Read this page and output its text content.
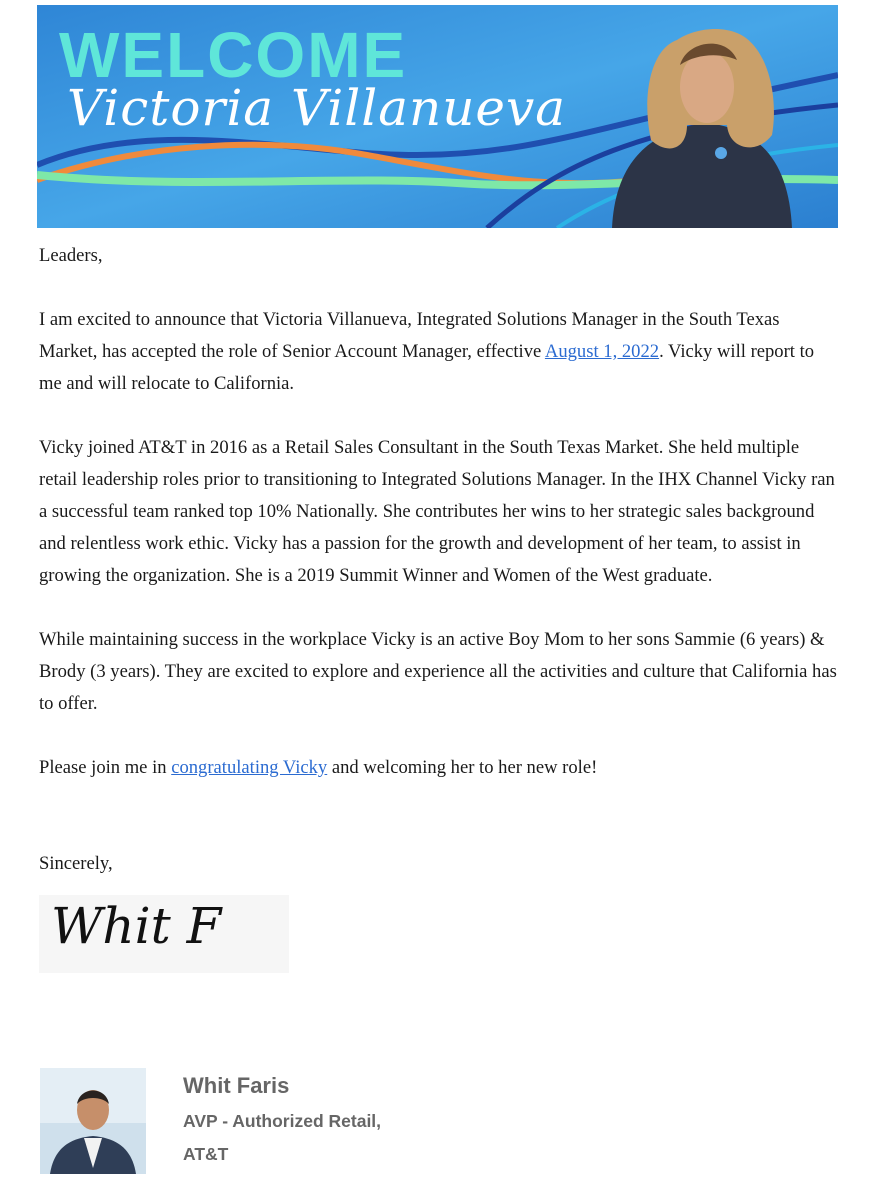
WELCOME
Victoria Villanueva

Leaders,

I am excited to announce that Victoria Villanueva, Integrated Solutions Manager in the South Texas Market, has accepted the role of Senior Account Manager, effective August 1, 2022. Vicky will report to me and will relocate to California.

Vicky joined AT&T in 2016 as a Retail Sales Consultant in the South Texas Market. She held multiple retail leadership roles prior to transitioning to Integrated Solutions Manager. In the IHX Channel Vicky ran a successful team ranked top 10% Nationally. She contributes her wins to her strategic sales background and relentless work ethic. Vicky has a passion for the growth and development of her team, to assist in growing the organization. She is a 2019 Summit Winner and Women of the West graduate.

While maintaining success in the workplace Vicky is an active Boy Mom to her sons Sammie (6 years) & Brody (3 years). They are excited to explore and experience all the activities and culture that California has to offer.

Please join me in congratulating Vicky and welcoming her to her new role!

Sincerely,

Whit F
Whit Faris
AVP - Authorized Retail,
AT&T
